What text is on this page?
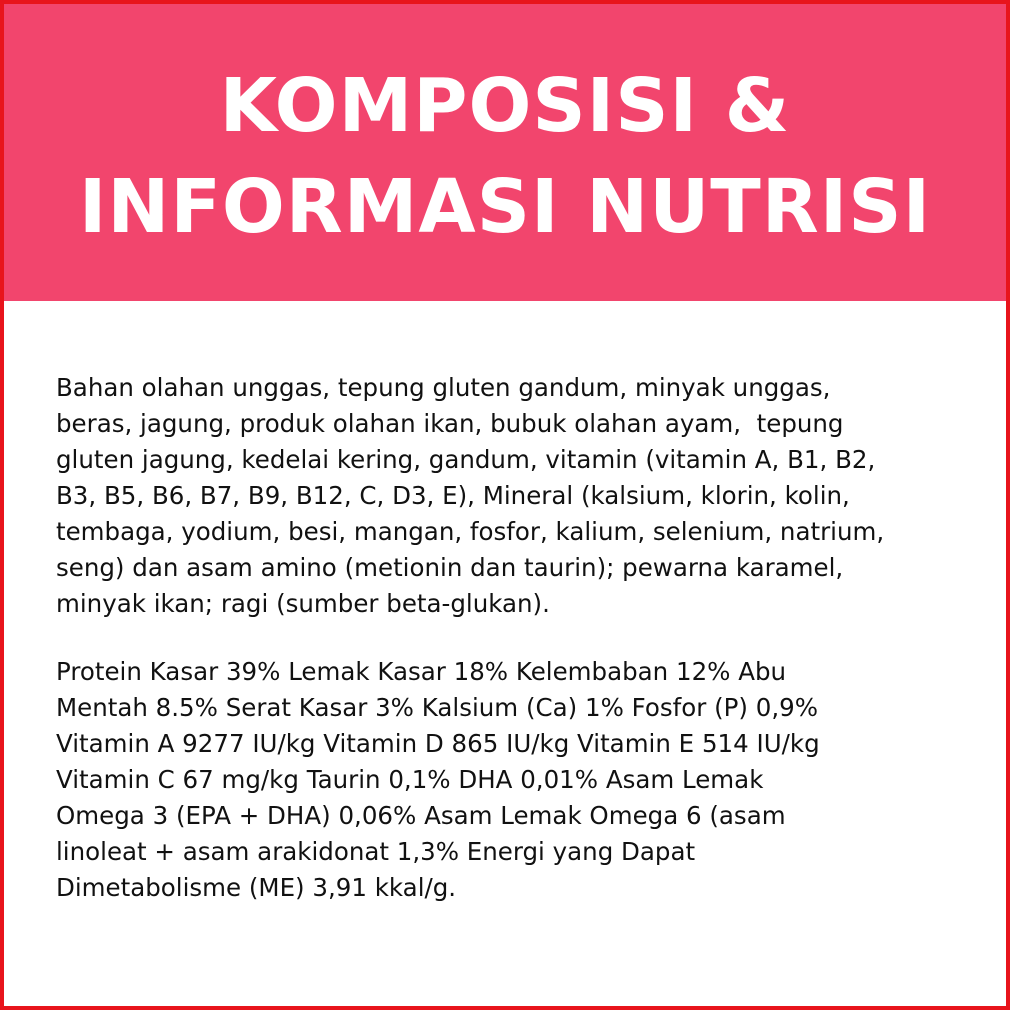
KOMPOSISI &
INFORMASI NUTRISI

Bahan olahan unggas, tepung gluten gandum, minyak unggas,
beras, jagung, produk olahan ikan, bubuk olahan ayam,  tepung
gluten jagung, kedelai kering, gandum, vitamin (vitamin A, B1, B2,
B3, B5, B6, B7, B9, B12, C, D3, E), Mineral (kalsium, klorin, kolin,
tembaga, yodium, besi, mangan, fosfor, kalium, selenium, natrium,
seng) dan asam amino (metionin dan taurin); pewarna karamel,
minyak ikan; ragi (sumber beta-glukan).

Protein Kasar 39% Lemak Kasar 18% Kelembaban 12% Abu
Mentah 8.5% Serat Kasar 3% Kalsium (Ca) 1% Fosfor (P) 0,9%
Vitamin A 9277 IU/kg Vitamin D 865 IU/kg Vitamin E 514 IU/kg
Vitamin C 67 mg/kg Taurin 0,1% DHA 0,01% Asam Lemak
Omega 3 (EPA + DHA) 0,06% Asam Lemak Omega 6 (asam
linoleat + asam arakidonat 1,3% Energi yang Dapat
Dimetabolisme (ME) 3,91 kkal/g.
